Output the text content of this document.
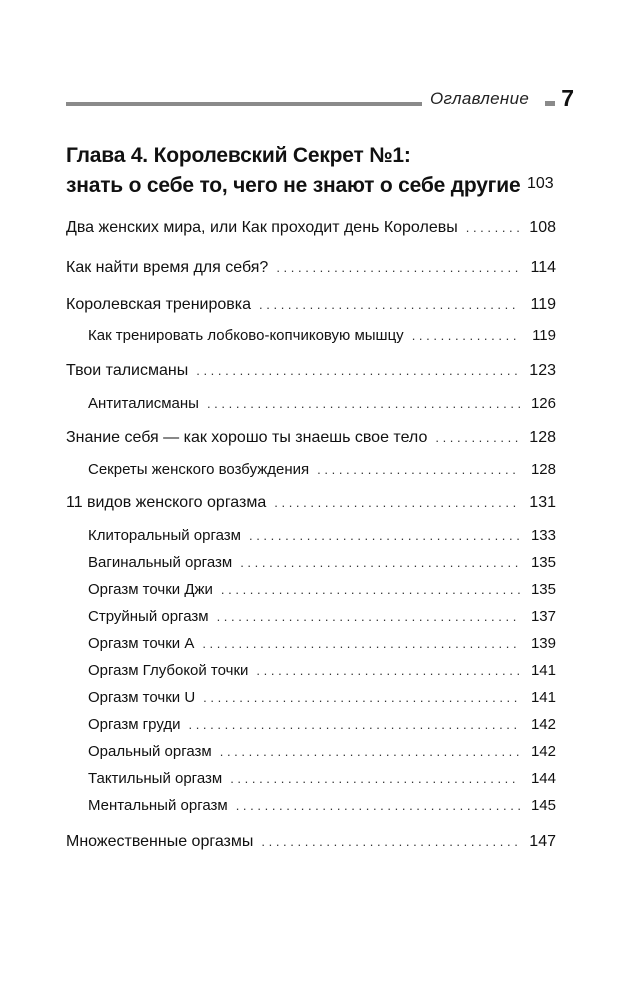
Оглавление 7
Глава 4. Королевский Секрет №1:
знать о себе то, чего не знают о себе другие 103
Два женских мира, или Как проходит день Королевы . . .	108
Как найти время для себя? . . .	114
Королевская тренировка . . .	119
Как тренировать лобково-копчиковую мышцу . . .	119
Твои талисманы . . .	123
Антиталисманы . . .	126
Знание себя — как хорошо ты знаешь свое тело . . .	128
Секреты женского возбуждения . . .	128
11 видов женского оргазма . . .	131
Клиторальный оргазм . . .	133
Вагинальный оргазм . . .	135
Оргазм точки Джи . . .	135
Струйный оргазм . . .	137
Оргазм точки А . . .	139
Оргазм Глубокой точки . . .	141
Оргазм точки U . . .	141
Оргазм груди . . .	142
Оральный оргазм . . .	142
Тактильный оргазм . . .	144
Ментальный оргазм . . .	145
Множественные оргазмы . . .	147
